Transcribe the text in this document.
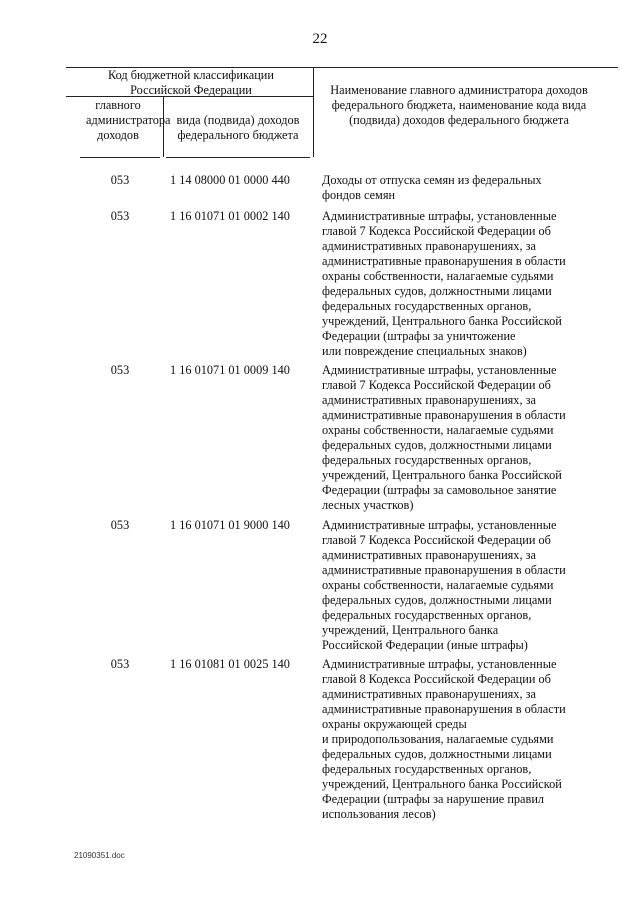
22
Код бюджетной классификации Российской Федерации
главного администратора доходов
вида (подвида) доходов федерального бюджета
Наименование главного администратора доходов федерального бюджета, наименование кода вида (подвида) доходов федерального бюджета
053	1 14 08000 01 0000 440	Доходы от отпуска семян из федеральных
фондов семян
053	1 16 01071 01 0002 140	Административные штрафы, установленные
главой 7 Кодекса Российской Федерации об
административных правонарушениях, за
административные правонарушения в области
охраны собственности, налагаемые судьями
федеральных судов, должностными лицами
федеральных государственных органов,
учреждений, Центрального банка Российской
Федерации (штрафы за уничтожение
или повреждение специальных знаков)
053	1 16 01071 01 0009 140	Административные штрафы, установленные
главой 7 Кодекса Российской Федерации об
административных правонарушениях, за
административные правонарушения в области
охраны собственности, налагаемые судьями
федеральных судов, должностными лицами
федеральных государственных органов,
учреждений, Центрального банка Российской
Федерации (штрафы за самовольное занятие
лесных участков)
053	1 16 01071 01 9000 140	Административные штрафы, установленные
главой 7 Кодекса Российской Федерации об
административных правонарушениях, за
административные правонарушения в области
охраны собственности, налагаемые судьями
федеральных судов, должностными лицами
федеральных государственных органов,
учреждений, Центрального банка
Российской Федерации (иные штрафы)
053	1 16 01081 01 0025 140	Административные штрафы, установленные
главой 8 Кодекса Российской Федерации об
административных правонарушениях, за
административные правонарушения в области
охраны окружающей среды
и природопользования, налагаемые судьями
федеральных судов, должностными лицами
федеральных государственных органов,
учреждений, Центрального банка Российской
Федерации (штрафы за нарушение правил
использования лесов)
21090351.doc
